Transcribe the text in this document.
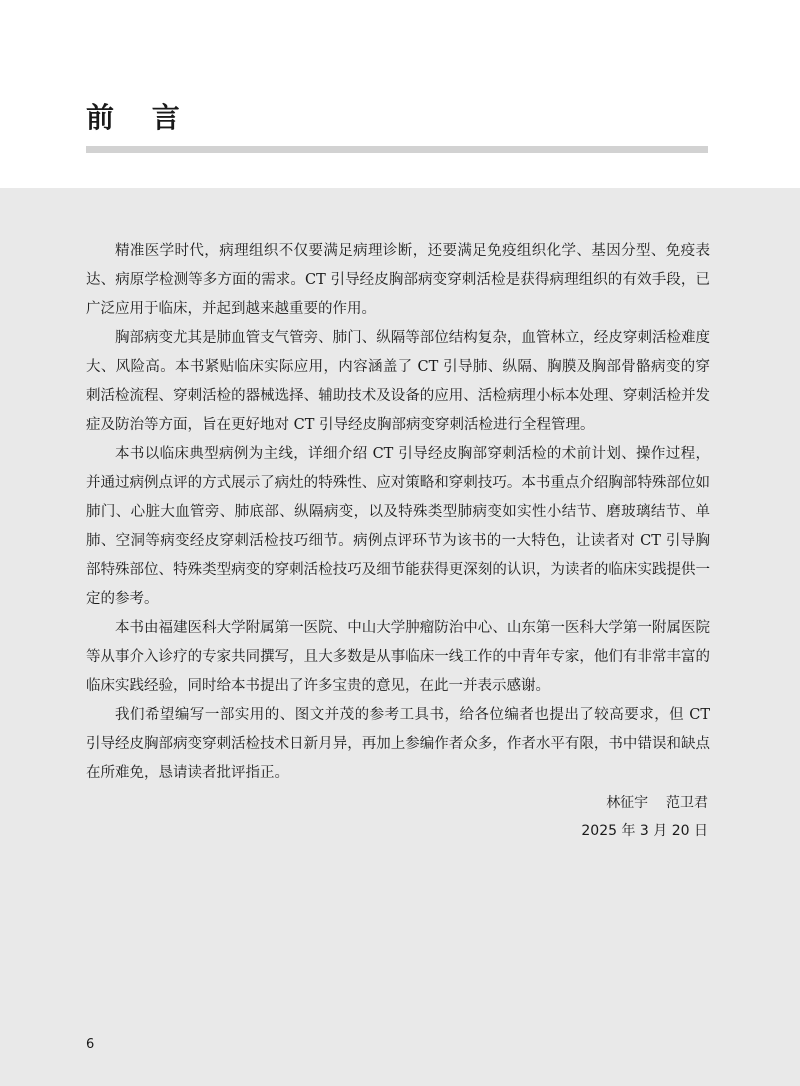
前 言

精准医学时代，病理组织不仅要满足病理诊断，还要满足免疫组织化学、基因分型、免疫表达、病原学检测等多方面的需求。CT 引导经皮胸部病变穿刺活检是获得病理组织的有效手段，已广泛应用于临床，并起到越来越重要的作用。

胸部病变尤其是肺血管支气管旁、肺门、纵隔等部位结构复杂，血管林立，经皮穿刺活检难度大、风险高。本书紧贴临床实际应用，内容涵盖了 CT 引导肺、纵隔、胸膜及胸部骨骼病变的穿刺活检流程、穿刺活检的器械选择、辅助技术及设备的应用、活检病理小标本处理、穿刺活检并发症及防治等方面，旨在更好地对 CT 引导经皮胸部病变穿刺活检进行全程管理。

本书以临床典型病例为主线，详细介绍 CT 引导经皮胸部穿刺活检的术前计划、操作过程，并通过病例点评的方式展示了病灶的特殊性、应对策略和穿刺技巧。本书重点介绍胸部特殊部位如肺门、心脏大血管旁、肺底部、纵隔病变，以及特殊类型肺病变如实性小结节、磨玻璃结节、单肺、空洞等病变经皮穿刺活检技巧细节。病例点评环节为该书的一大特色，让读者对 CT 引导胸部特殊部位、特殊类型病变的穿刺活检技巧及细节能获得更深刻的认识，为读者的临床实践提供一定的参考。

本书由福建医科大学附属第一医院、中山大学肿瘤防治中心、山东第一医科大学第一附属医院等从事介入诊疗的专家共同撰写，且大多数是从事临床一线工作的中青年专家，他们有非常丰富的临床实践经验，同时给本书提出了许多宝贵的意见，在此一并表示感谢。

我们希望编写一部实用的、图文并茂的参考工具书，给各位编者也提出了较高要求，但 CT 引导经皮胸部病变穿刺活检技术日新月异，再加上参编作者众多，作者水平有限，书中错误和缺点在所难免，恳请读者批评指正。

林征宇    范卫君
2025 年 3 月 20 日
6
